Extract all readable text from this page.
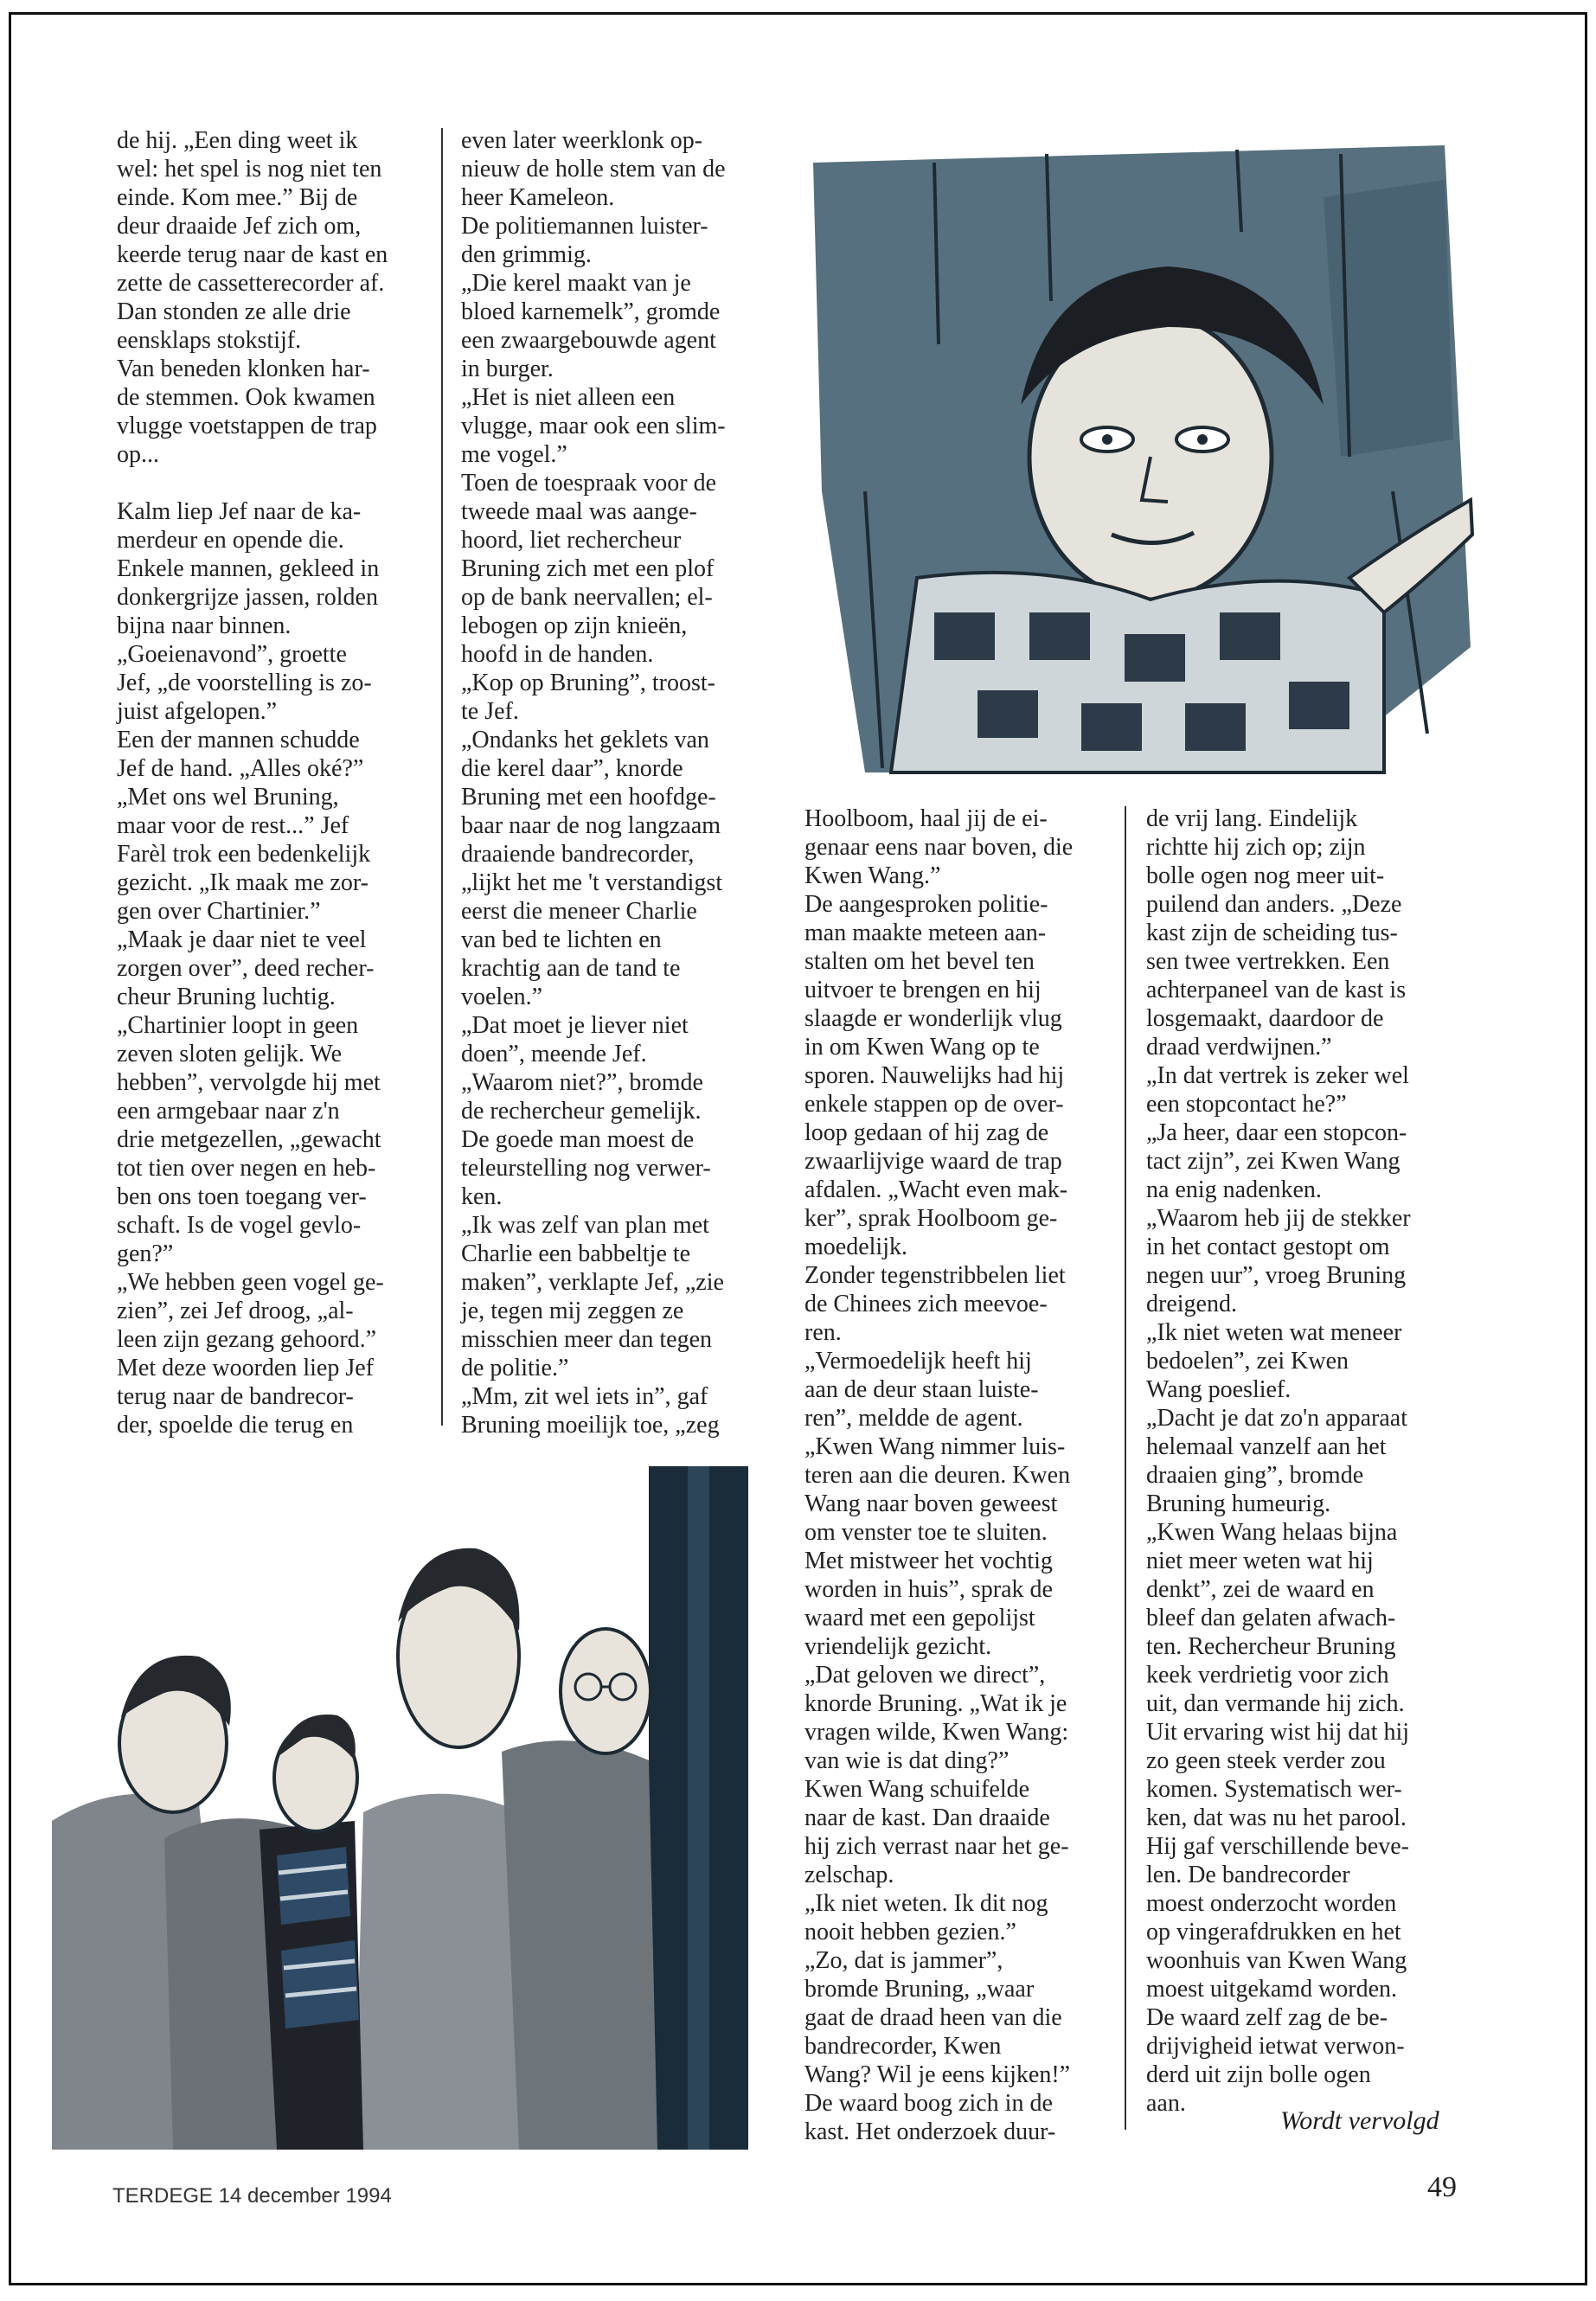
de hij. „Een ding weet ik
wel: het spel is nog niet ten
einde. Kom mee.” Bij de
deur draaide Jef zich om,
keerde terug naar de kast en
zette de cassetterecorder af.
Dan stonden ze alle drie
eensklaps stokstijf.
Van beneden klonken har-
de stemmen. Ook kwamen
vlugge voetstappen de trap
op...

Kalm liep Jef naar de ka-
merdeur en opende die.
Enkele mannen, gekleed in
donkergrijze jassen, rolden
bijna naar binnen.
„Goeienavond”, groette
Jef, „de voorstelling is zo-
juist afgelopen.”
Een der mannen schudde
Jef de hand. „Alles oké?”
„Met ons wel Bruning,
maar voor de rest...” Jef
Farèl trok een bedenkelijk
gezicht. „Ik maak me zor-
gen over Chartinier.”
„Maak je daar niet te veel
zorgen over”, deed recher-
cheur Bruning luchtig.
„Chartinier loopt in geen
zeven sloten gelijk. We
hebben”, vervolgde hij met
een armgebaar naar z'n
drie metgezellen, „gewacht
tot tien over negen en heb-
ben ons toen toegang ver-
schaft. Is de vogel gevlo-
gen?”
„We hebben geen vogel ge-
zien”, zei Jef droog, „al-
leen zijn gezang gehoord.”
Met deze woorden liep Jef
terug naar de bandrecor-
der, spoelde die terug en
even later weerklonk op-
nieuw de holle stem van de
heer Kameleon.
De politiemannen luister-
den grimmig.
„Die kerel maakt van je
bloed karnemelk”, gromde
een zwaargebouwde agent
in burger.
„Het is niet alleen een
vlugge, maar ook een slim-
me vogel.”
Toen de toespraak voor de
tweede maal was aange-
hoord, liet rechercheur
Bruning zich met een plof
op de bank neervallen; el-
lebogen op zijn knieën,
hoofd in de handen.
„Kop op Bruning”, troost-
te Jef.
„Ondanks het geklets van
die kerel daar”, knorde
Bruning met een hoofdge-
baar naar de nog langzaam
draaiende bandrecorder,
„lijkt het me 't verstandigst
eerst die meneer Charlie
van bed te lichten en
krachtig aan de tand te
voelen.”
„Dat moet je liever niet
doen”, meende Jef.
„Waarom niet?”, bromde
de rechercheur gemelijk.
De goede man moest de
teleurstelling nog verwer-
ken.
„Ik was zelf van plan met
Charlie een babbeltje te
maken”, verklapte Jef, „zie
je, tegen mij zeggen ze
misschien meer dan tegen
de politie.”
„Mm, zit wel iets in”, gaf
Bruning moeilijk toe, „zeg
Hoolboom, haal jij de ei-
genaar eens naar boven, die
Kwen Wang.”
De aangesproken politie-
man maakte meteen aan-
stalten om het bevel ten
uitvoer te brengen en hij
slaagde er wonderlijk vlug
in om Kwen Wang op te
sporen. Nauwelijks had hij
enkele stappen op de over-
loop gedaan of hij zag de
zwaarlijvige waard de trap
afdalen. „Wacht even mak-
ker”, sprak Hoolboom ge-
moedelijk.
Zonder tegenstribbelen liet
de Chinees zich meevoe-
ren.
„Vermoedelijk heeft hij
aan de deur staan luiste-
ren”, meldde de agent.
„Kwen Wang nimmer luis-
teren aan die deuren. Kwen
Wang naar boven geweest
om venster toe te sluiten.
Met mistweer het vochtig
worden in huis”, sprak de
waard met een gepolijst
vriendelijk gezicht.
„Dat geloven we direct”,
knorde Bruning. „Wat ik je
vragen wilde, Kwen Wang:
van wie is dat ding?”
Kwen Wang schuifelde
naar de kast. Dan draaide
hij zich verrast naar het ge-
zelschap.
„Ik niet weten. Ik dit nog
nooit hebben gezien.”
„Zo, dat is jammer”,
bromde Bruning, „waar
gaat de draad heen van die
bandrecorder, Kwen
Wang? Wil je eens kijken!”
De waard boog zich in de
kast. Het onderzoek duur-
de vrij lang. Eindelijk
richtte hij zich op; zijn
bolle ogen nog meer uit-
puilend dan anders. „Deze
kast zijn de scheiding tus-
sen twee vertrekken. Een
achterpaneel van de kast is
losgemaakt, daardoor de
draad verdwijnen.”
„In dat vertrek is zeker wel
een stopcontact he?”
„Ja heer, daar een stopcon-
tact zijn”, zei Kwen Wang
na enig nadenken.
„Waarom heb jij de stekker
in het contact gestopt om
negen uur”, vroeg Bruning
dreigend.
„Ik niet weten wat meneer
bedoelen”, zei Kwen
Wang poeslief.
„Dacht je dat zo'n apparaat
helemaal vanzelf aan het
draaien ging”, bromde
Bruning humeurig.
„Kwen Wang helaas bijna
niet meer weten wat hij
denkt”, zei de waard en
bleef dan gelaten afwach-
ten. Rechercheur Bruning
keek verdrietig voor zich
uit, dan vermande hij zich.
Uit ervaring wist hij dat hij
zo geen steek verder zou
komen. Systematisch wer-
ken, dat was nu het parool.
Hij gaf verschillende beve-
len. De bandrecorder
moest onderzocht worden
op vingerafdrukken en het
woonhuis van Kwen Wang
moest uitgekamd worden.
De waard zelf zag de be-
drijvigheid ietwat verwon-
derd uit zijn bolle ogen
aan.
Wordt vervolgd
TERDEGE 14 december 1994	49
